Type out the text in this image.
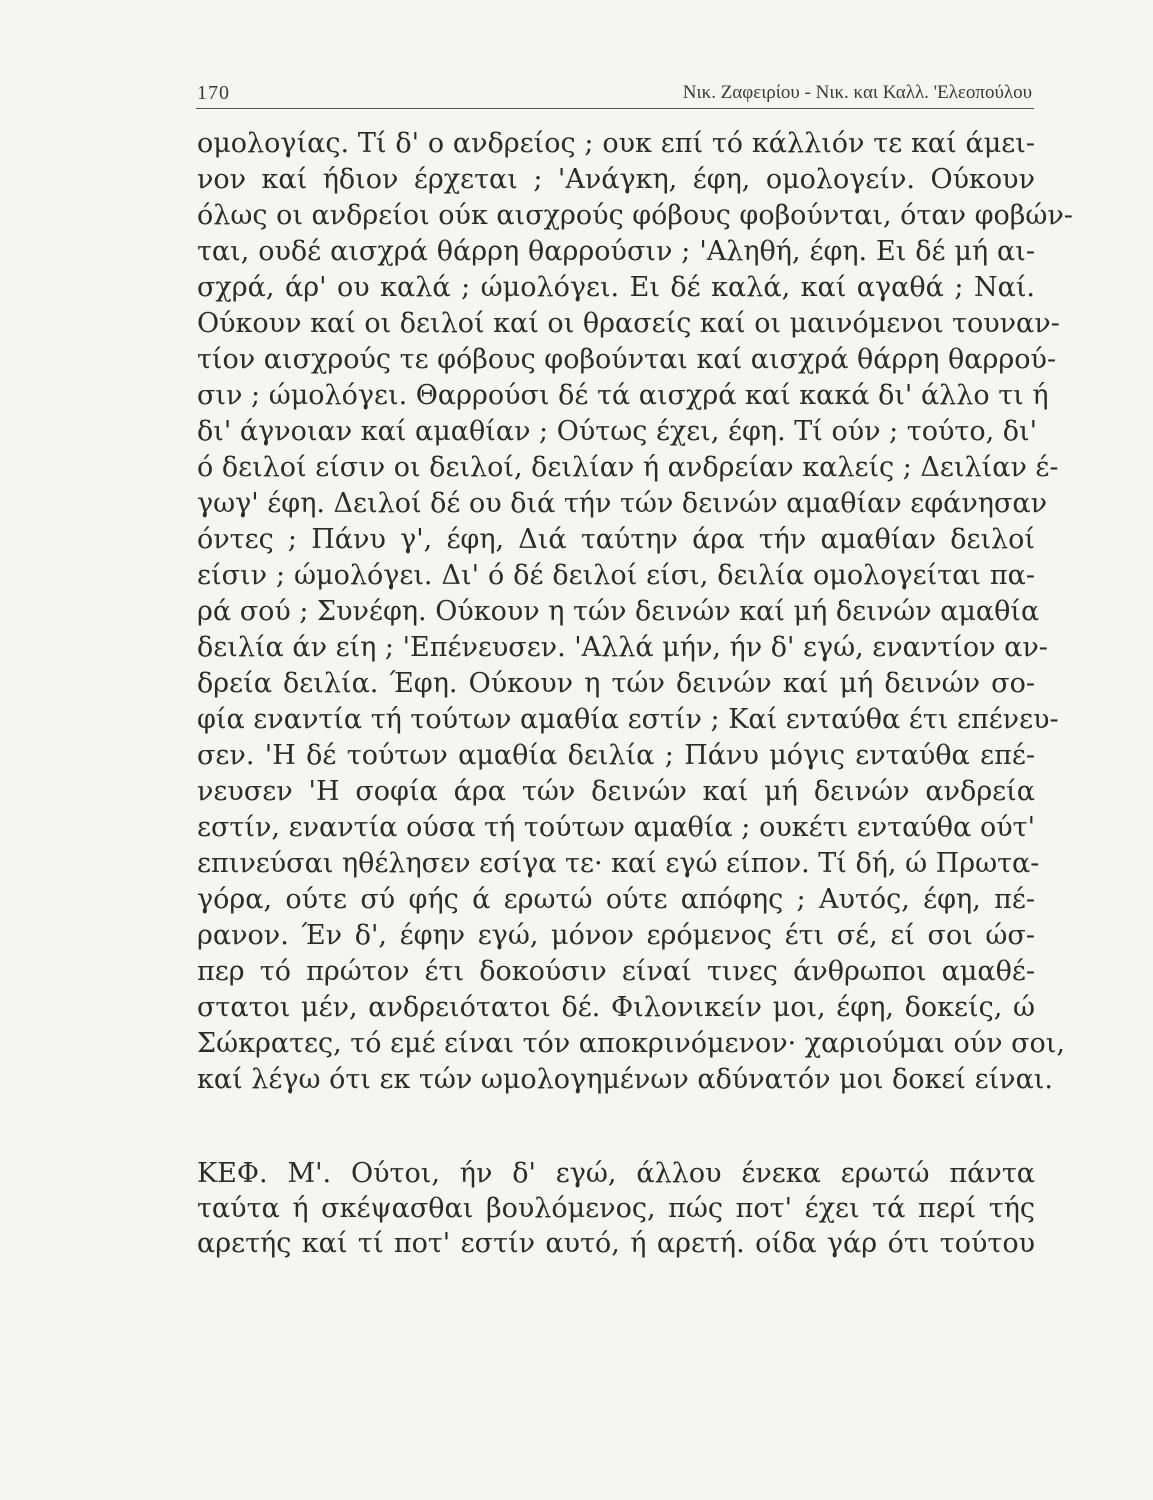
170	Νικ. Ζαφειρίου - Νικ. και Καλλ. 'Ελεοπούλου
ομολογίας. Τί δ' ο ανδρείος ; ουκ επί τό κάλλιόν τε καί άμει-
νον καί ήδιον έρχεται ; 'Ανάγκη, έφη, ομολογείν. Ούκουν
όλως οι ανδρείοι ούκ αισχρούς φόβους φοβούνται, όταν φοβών-
ται, ουδέ αισχρά θάρρη θαρρούσιν ; 'Αληθή, έφη. Ει δέ μή αι-
σχρά, άρ' ου καλά ; ώμολόγει. Ει δέ καλά, καί αγαθά ; Ναί.
Ούκουν καί οι δειλοί καί οι θρασείς καί οι μαινόμενοι τουναν-
τίον αισχρούς τε φόβους φοβούνται καί αισχρά θάρρη θαρρού-
σιν ; ώμολόγει. Θαρρούσι δέ τά αισχρά καί κακά δι' άλλο τι ή
δι' άγνοιαν καί αμαθίαν ; Ούτως έχει, έφη. Τί ούν ; τούτο, δι'
ό δειλοί είσιν οι δειλοί, δειλίαν ή ανδρείαν καλείς ; Δειλίαν έ-
γωγ' έφη. Δειλοί δέ ου διά τήν τών δεινών αμαθίαν εφάνησαν
όντες ; Πάνυ γ', έφη, Διά ταύτην άρα τήν αμαθίαν δειλοί
είσιν ; ώμολόγει. Δι' ό δέ δειλοί είσι, δειλία ομολογείται πα-
ρά σού ; Συνέφη. Ούκουν η τών δεινών καί μή δεινών αμαθία
δειλία άν είη ; 'Επένευσεν. 'Αλλά μήν, ήν δ' εγώ, εναντίον αν-
δρεία δειλία. Έφη. Ούκουν η τών δεινών καί μή δεινών σο-
φία εναντία τή τούτων αμαθία εστίν ; Καί ενταύθα έτι επένευ-
σεν. 'Η δέ τούτων αμαθία δειλία ; Πάνυ μόγις ενταύθα επέ-
νευσεν 'Η σοφία άρα τών δεινών καί μή δεινών ανδρεία
εστίν, εναντία ούσα τή τούτων αμαθία ; ουκέτι ενταύθα ούτ'
επινεύσαι ηθέλησεν εσίγα τε· καί εγώ είπον. Τί δή, ώ Πρωτα-
γόρα, ούτε σύ φής ά ερωτώ ούτε απόφης ; Αυτός, έφη, πέ-
ρανον. Έν δ', έφην εγώ, μόνον ερόμενος έτι σέ, εί σοι ώσ-
περ τό πρώτον έτι δοκούσιν είναί τινες άνθρωποι αμαθέ-
στατοι μέν, ανδρειότατοι δέ. Φιλονικείν μοι, έφη, δοκείς, ώ
Σώκρατες, τό εμέ είναι τόν αποκρινόμενον· χαριούμαι ούν σοι,
καί λέγω ότι εκ τών ωμολογημένων αδύνατόν μοι δοκεί είναι.
ΚΕΦ. Μ'. Ούτοι, ήν δ' εγώ, άλλου ένεκα ερωτώ πάντα
ταύτα ή σκέψασθαι βουλόμενος, πώς ποτ' έχει τά περί τής
αρετής καί τί ποτ' εστίν αυτό, ή αρετή. οίδα γάρ ότι τούτου
